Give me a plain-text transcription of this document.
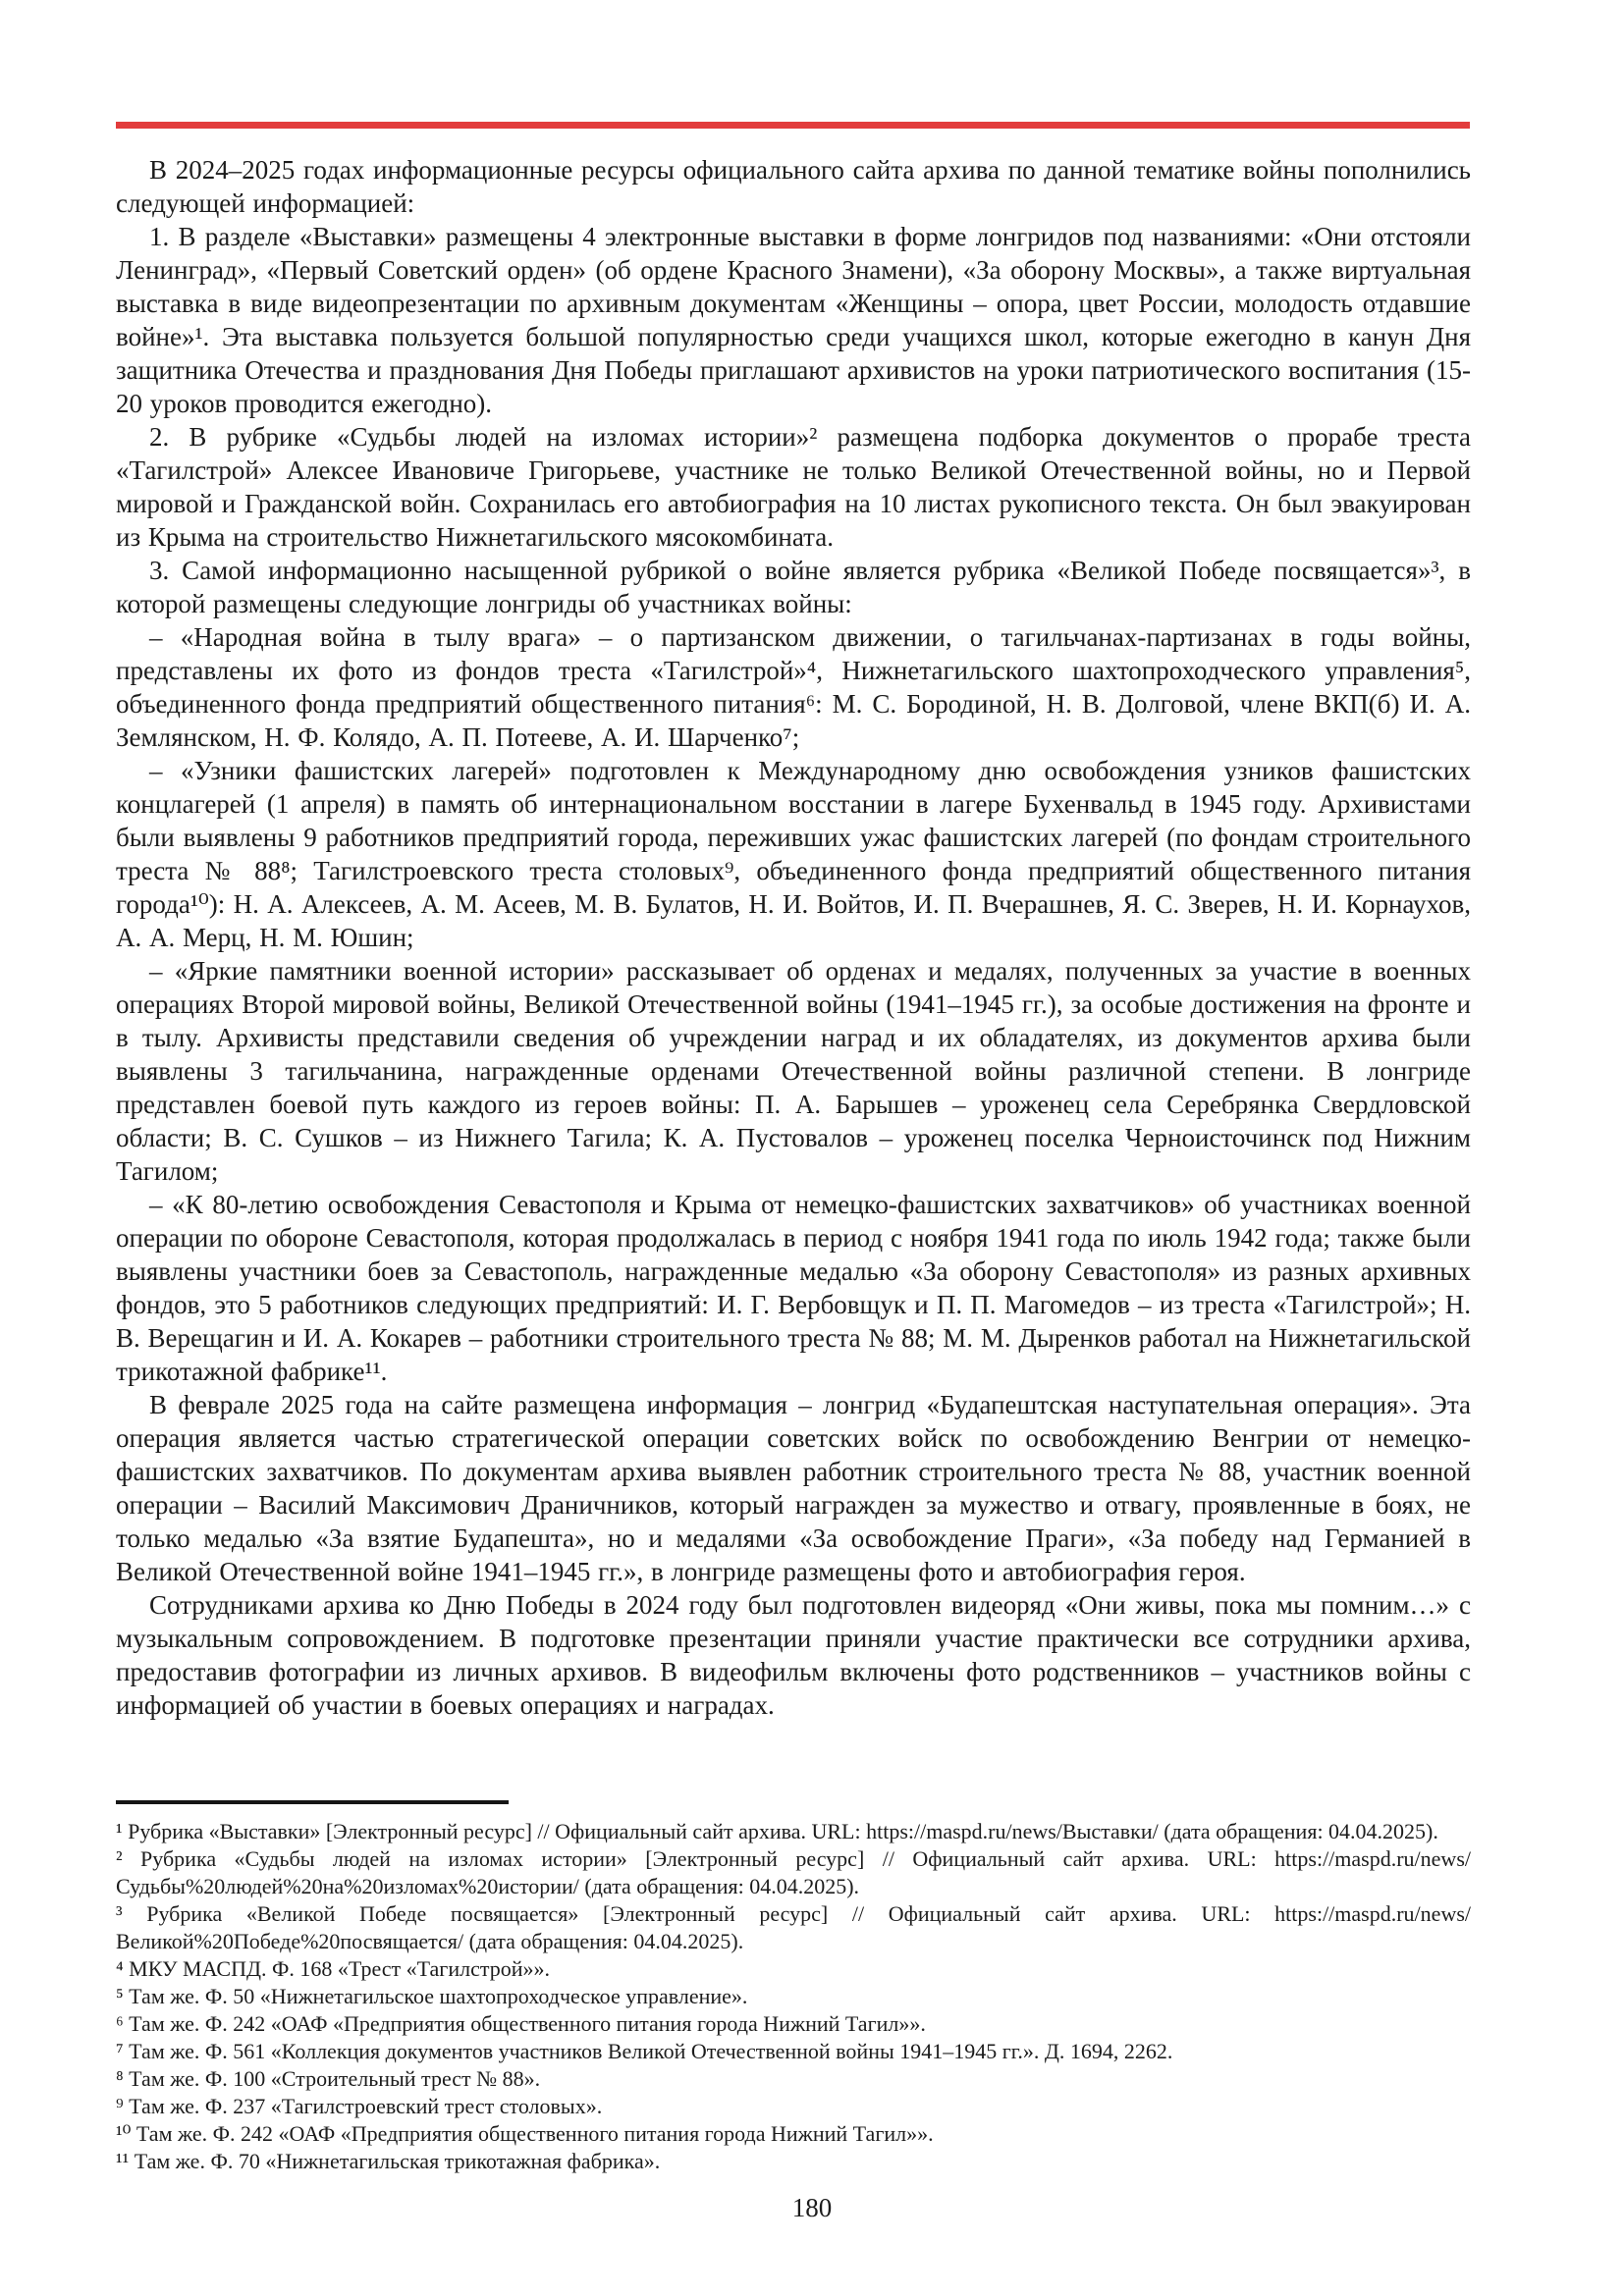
В 2024–2025 годах информационные ресурсы официального сайта архива по данной тематике войны пополнились следующей информацией:

1. В разделе «Выставки» размещены 4 электронные выставки в форме лонгридов под названиями: «Они отстояли Ленинград», «Первый Советский орден» (об ордене Красного Знамени), «За оборону Москвы», а также виртуальная выставка в виде видеопрезентации по архивным документам «Женщины – опора, цвет России, молодость отдавшие войне»¹. Эта выставка пользуется большой популярностью среди учащихся школ, которые ежегодно в канун Дня защитника Отечества и празднования Дня Победы приглашают архивистов на уроки патриотического воспитания (15-20 уроков проводится ежегодно).

2. В рубрике «Судьбы людей на изломах истории»² размещена подборка документов о прорабе треста «Тагилстрой» Алексее Ивановиче Григорьеве, участнике не только Великой Отечественной войны, но и Первой мировой и Гражданской войн. Сохранилась его автобиография на 10 листах рукописного текста. Он был эвакуирован из Крыма на строительство Нижнетагильского мясокомбината.

3. Самой информационно насыщенной рубрикой о войне является рубрика «Великой Победе посвящается»³, в которой размещены следующие лонгриды об участниках войны:

– «Народная война в тылу врага» – о партизанском движении, о тагильчанах-партизанах в годы войны, представлены их фото из фондов треста «Тагилстрой»⁴, Нижнетагильского шахтопроходческого управления⁵, объединенного фонда предприятий общественного питания⁶: М. С. Бородиной, Н. В. Долговой, члене ВКП(б) И. А. Землянском, Н. Ф. Колядо, А. П. Потееве, А. И. Шарченко⁷;

– «Узники фашистских лагерей» подготовлен к Международному дню освобождения узников фашистских концлагерей (1 апреля) в память об интернациональном восстании в лагере Бухенвальд в 1945 году. Архивистами были выявлены 9 работников предприятий города, переживших ужас фашистских лагерей (по фондам строительного треста № 88⁸; Тагилстроевского треста столовых⁹, объединенного фонда предприятий общественного питания города¹⁰): Н. А. Алексеев, А. М. Асеев, М. В. Булатов, Н. И. Войтов, И. П. Вчерашнев, Я. С. Зверев, Н. И. Корнаухов, А. А. Мерц, Н. М. Юшин;

– «Яркие памятники военной истории» рассказывает об орденах и медалях, полученных за участие в военных операциях Второй мировой войны, Великой Отечественной войны (1941–1945 гг.), за особые достижения на фронте и в тылу. Архивисты представили сведения об учреждении наград и их обладателях, из документов архива были выявлены 3 тагильчанина, награжденные орденами Отечественной войны различной степени. В лонгриде представлен боевой путь каждого из героев войны: П. А. Барышев – уроженец села Серебрянка Свердловской области; В. С. Сушков – из Нижнего Тагила; К. А. Пустовалов – уроженец поселка Черноисточинск под Нижним Тагилом;

– «К 80-летию освобождения Севастополя и Крыма от немецко-фашистских захватчиков» об участниках военной операции по обороне Севастополя, которая продолжалась в период с ноября 1941 года по июль 1942 года; также были выявлены участники боев за Севастополь, награжденные медалью «За оборону Севастополя» из разных архивных фондов, это 5 работников следующих предприятий: И. Г. Вербовщук и П. П. Магомедов – из треста «Тагилстрой»; Н. В. Верещагин и И. А. Кокарев – работники строительного треста № 88; М. М. Дыренков работал на Нижнетагильской трикотажной фабрике¹¹.

В феврале 2025 года на сайте размещена информация – лонгрид «Будапештская наступательная операция». Эта операция является частью стратегической операции советских войск по освобождению Венгрии от немецко-фашистских захватчиков. По документам архива выявлен работник строительного треста № 88, участник военной операции – Василий Максимович Драничников, который награжден за мужество и отвагу, проявленные в боях, не только медалью «За взятие Будапешта», но и медалями «За освобождение Праги», «За победу над Германией в Великой Отечественной войне 1941–1945 гг.», в лонгриде размещены фото и автобиография героя.

Сотрудниками архива ко Дню Победы в 2024 году был подготовлен видеоряд «Они живы, пока мы помним…» с музыкальным сопровождением. В подготовке презентации приняли участие практически все сотрудники архива, предоставив фотографии из личных архивов. В видеофильм включены фото родственников – участников войны с информацией об участии в боевых операциях и наградах.

¹ Рубрика «Выставки» [Электронный ресурс] // Официальный сайт архива. URL: https://maspd.ru/news/Выставки/ (дата обращения: 04.04.2025).

² Рубрика «Судьбы людей на изломах истории» [Электронный ресурс] // Официальный сайт архива. URL: https://maspd.ru/news/Судьбы%20людей%20на%20изломах%20истории/ (дата обращения: 04.04.2025).

³ Рубрика «Великой Победе посвящается» [Электронный ресурс] // Официальный сайт архива. URL: https://maspd.ru/news/Великой%20Победе%20посвящается/ (дата обращения: 04.04.2025).

⁴ МКУ МАСПД. Ф. 168 «Трест «Тагилстрой»».

⁵ Там же. Ф. 50 «Нижнетагильское шахтопроходческое управление».

⁶ Там же. Ф. 242 «ОАФ «Предприятия общественного питания города Нижний Тагил»».

⁷ Там же. Ф. 561 «Коллекция документов участников Великой Отечественной войны 1941–1945 гг.». Д. 1694, 2262.

⁸ Там же. Ф. 100 «Строительный трест № 88».

⁹ Там же. Ф. 237 «Тагилстроевский трест столовых».

¹⁰ Там же. Ф. 242 «ОАФ «Предприятия общественного питания города Нижний Тагил»».

¹¹ Там же. Ф. 70 «Нижнетагильская трикотажная фабрика».

180
